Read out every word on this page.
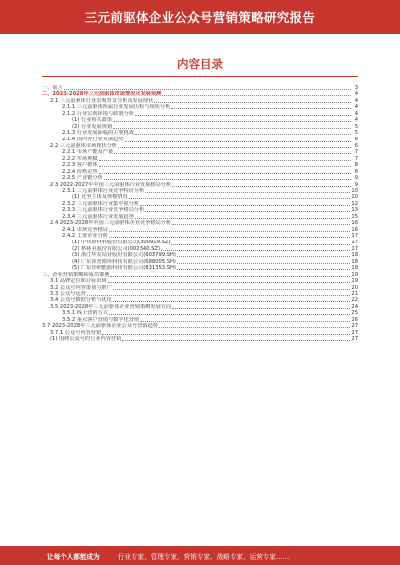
三元前驱体企业公众号营销策略研究报告
内容目录
一、前言	3
二、2023-2028年三元前驱体市场情况及发展预测	4
2.1 三元前驱体行业宏观背景分析及发展现状	4
2.1.1 三元前驱体所属行业发展历程与现状分析	4
2.1.2 行业宏观环境与政策分析	4
(1) 行业相关政策	4
(2) 行业发展规划	5
2.1.3 行业发展面临的主要挑战	5
2.1.4 国内外行业发展趋势	6
2.2 三元前驱体市场现状分析	6
2.2.1 市场产能及产量	7
2.2.2 市场规模	7
2.2.3 客户群体	8
2.2.4 价格走势	8
2.2.5 产业链分析	9
2.3 2022-2027年中国三元前驱体行业发展格局分析	9
2.3.1 三元前驱体行业竞争特征分析	10
(1) 竞争主体及规模情况	10
2.3.2 三元前驱体行业集中度分析	12
2.3.3 三元前驱体行业竞争格局分析	13
2.3.4 三元前驱体行业发展趋势	15
2.4 2023-2028年中国三元前驱体企业竞争格局分析	16
2.4.1 市场竞争格局	16
2.4.2 主要企业分析	17
(1) 中伟新材料股份有限公司(300919.SZ)	17
(2) 格林美股份有限公司(002340.SZ)	17
(3) 浙江华友钴业股份有限公司(603799.SH)	18
(4) 广东邦普循环科技有限公司(688005.SH)	18
(5) 广东佳纳能源科技有限公司(831353.SH)	18
三、企业营销策略和成功案例	19
3.1 品牌定位和目标市场	19
3.2 公众号内容策划与推广	20
3.3 公众号运营	21
3.4 公众号数据分析与优化	22
3.5 2023-2028年三元前驱体企业营销策略发展方向	24
3.5.1 线上营销方式	25
3.5.2 重点客户营销与数字化营销	26
3.7 2023-2028年三元前驱体企业公众号营销趋势	27
3.7.1 公众号内容营销	27
(1) 围绕公众号的行业内容营销	27
让每个人都能成为	行业专家、管理专家、营销专家、战略专家、运营专家……
